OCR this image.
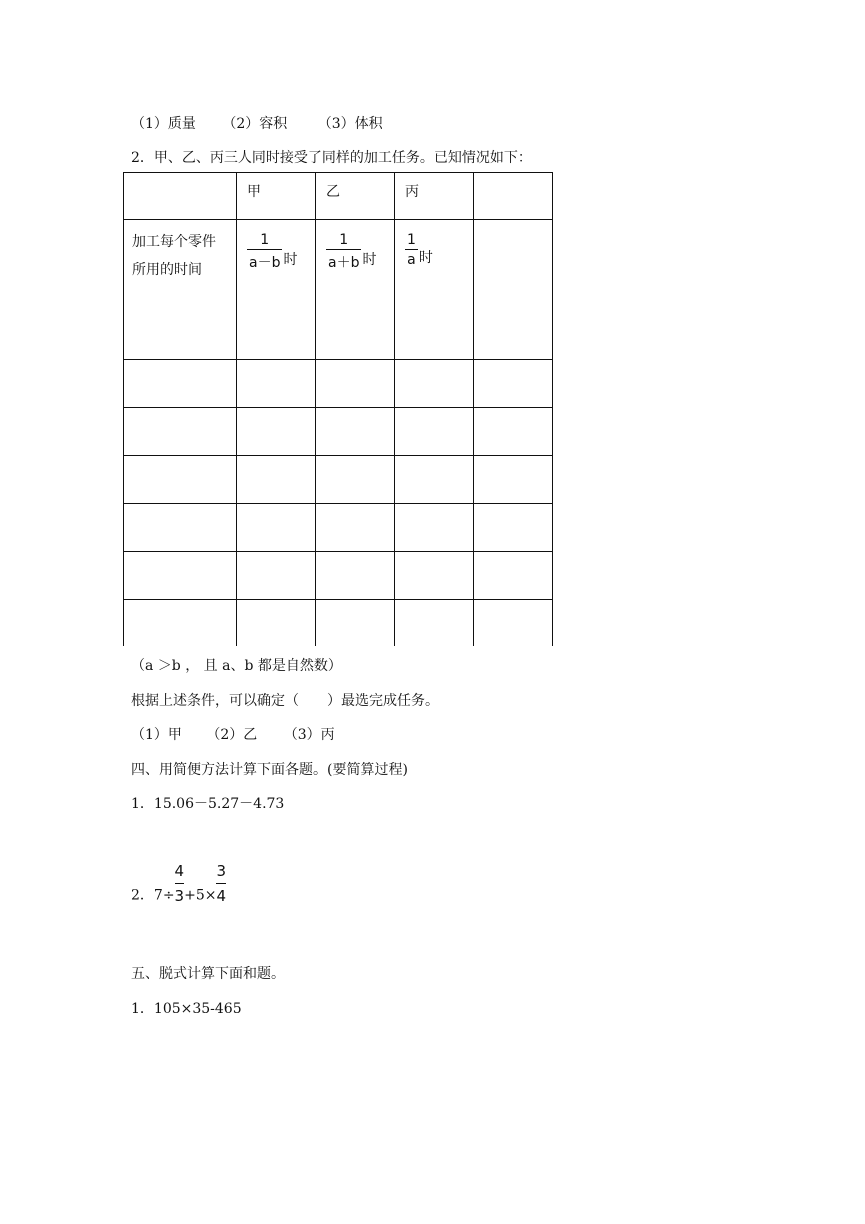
（1）质量 （2）容积 （3）体积
2．甲、乙、丙三人同时接受了同样的加工任务。已知情况如下：

	甲	乙	丙	

加工每个零件
所用的时间	$\frac{1}{a-b}$ 时	$\frac{1}{a+b}$ 时	$\frac{1}{a}$ 时	

（a ＞b ， 且 a、b 都是自然数）
根据上述条件，可以确定（　　）最选完成任务。
（1）甲 （2）乙 （3）丙
四、用简便方法计算下面各题。(要简算过程)
1．15.06－5.27－4.73
2．$7\div \frac{4}{3} +5\times \frac{3}{4}$
五、脱式计算下面和题。
1．105×35-465
